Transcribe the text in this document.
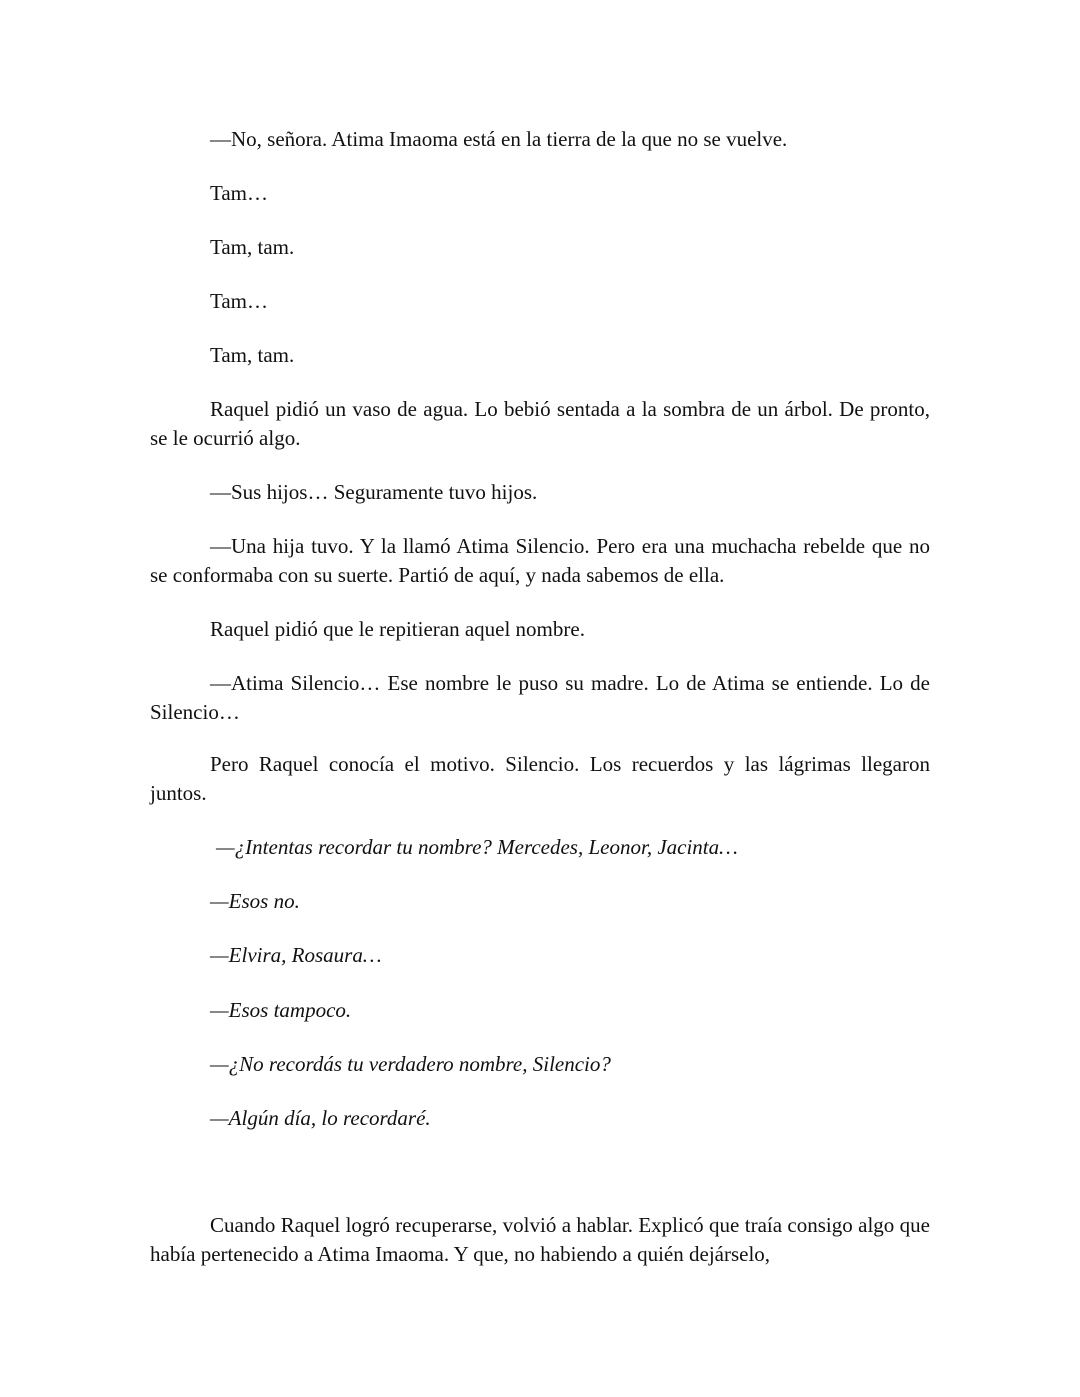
—No, señora. Atima Imaoma está en la tierra de la que no se vuelve.

Tam…

Tam, tam.

Tam…

Tam, tam.

Raquel pidió un vaso de agua. Lo bebió sentada a la sombra de un árbol. De pronto, se le ocurrió algo.

—Sus hijos… Seguramente tuvo hijos.

—Una hija tuvo. Y la llamó Atima Silencio. Pero era una muchacha rebelde que no se conformaba con su suerte. Partió de aquí, y nada sabemos de ella.

Raquel pidió que le repitieran aquel nombre.

—Atima Silencio… Ese nombre le puso su madre. Lo de Atima se entiende. Lo de Silencio…

Pero Raquel conocía el motivo. Silencio. Los recuerdos y las lágrimas llegaron juntos.

—¿Intentas recordar tu nombre? Mercedes, Leonor, Jacinta…

—Esos no.

—Elvira, Rosaura…

—Esos tampoco.

—¿No recordás tu verdadero nombre, Silencio?

—Algún día, lo recordaré.

Cuando Raquel logró recuperarse, volvió a hablar. Explicó que traía consigo algo que había pertenecido a Atima Imaoma. Y que, no habiendo a quién dejárselo,
